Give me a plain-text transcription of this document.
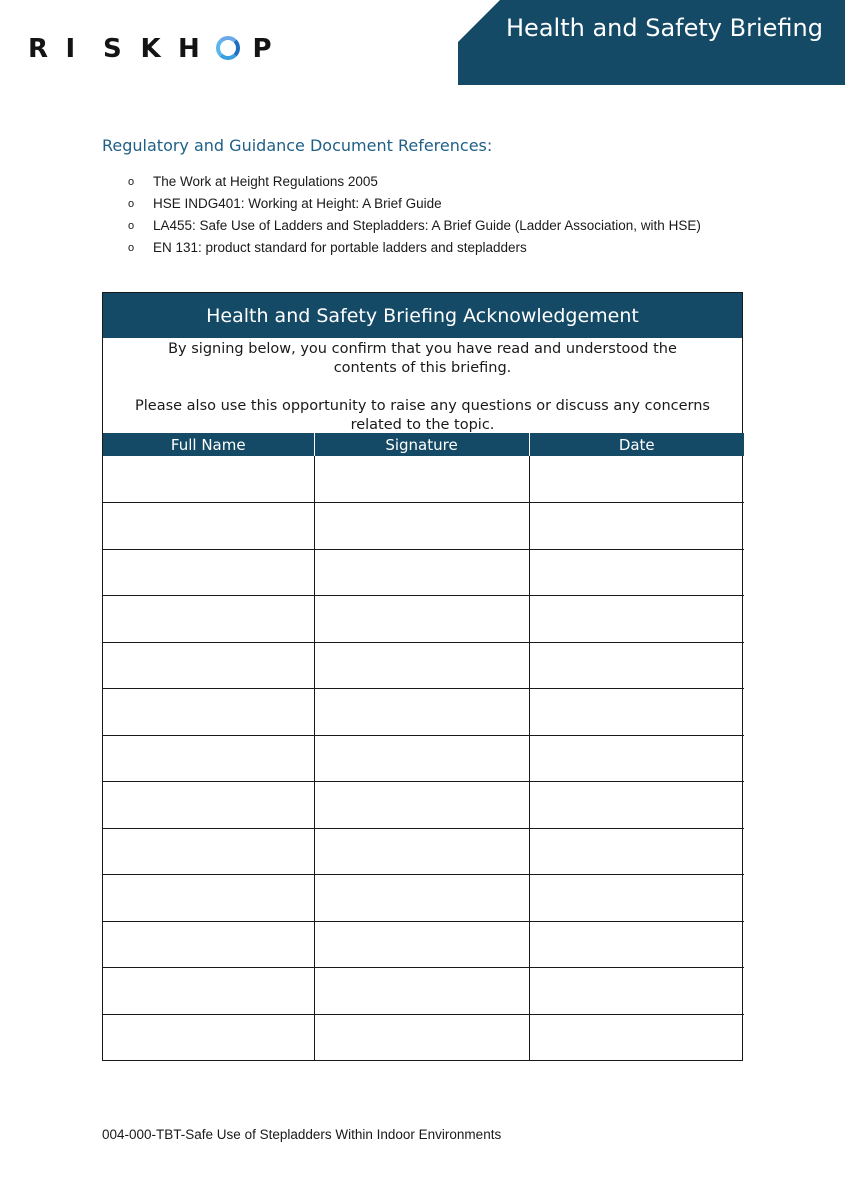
R I S K H P
Health and Safety Briefing
Regulatory and Guidance Document References:
o The Work at Height Regulations 2005
o HSE INDG401: Working at Height: A Brief Guide
o LA455: Safe Use of Ladders and Stepladders: A Brief Guide (Ladder Association, with HSE)
o EN 131: product standard for portable ladders and stepladders
Health and Safety Briefing Acknowledgement

By signing below, you confirm that you have read and understood the contents of this briefing.

Please also use this opportunity to raise any questions or discuss any concerns related to the topic.

Full Name	Signature	Date

004-000-TBT-Safe Use of Stepladders Within Indoor Environments
